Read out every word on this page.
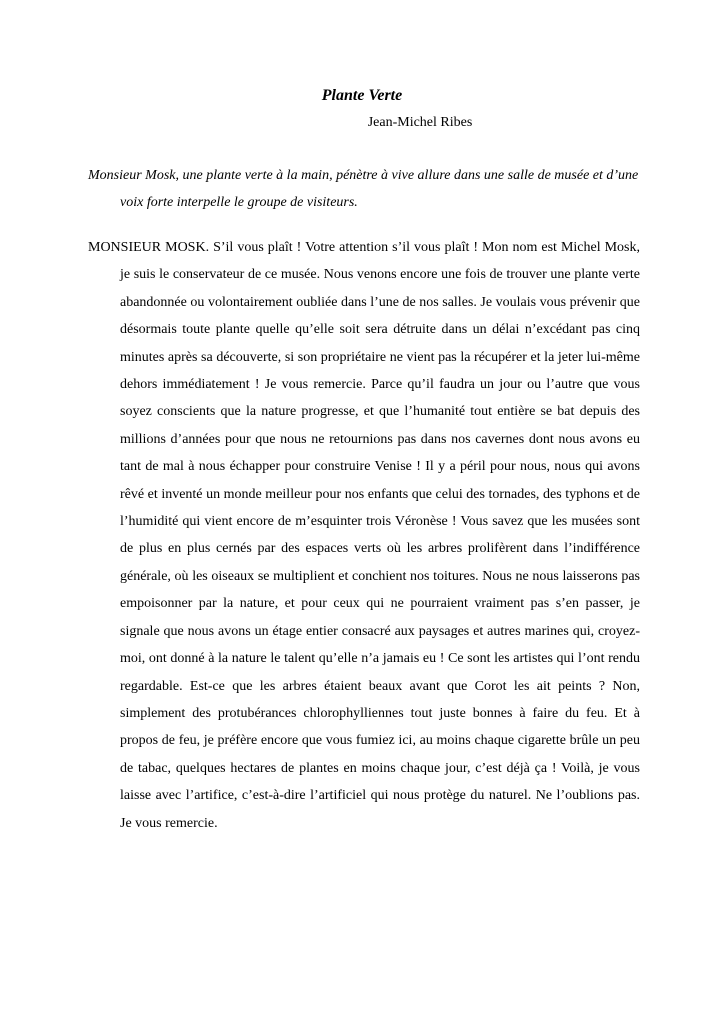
Plante Verte
Jean-Michel Ribes
Monsieur Mosk, une plante verte à la main, pénètre à vive allure dans une salle de musée et d’une voix forte interpelle le groupe de visiteurs.

MONSIEUR MOSK. S’il vous plaît ! Votre attention s’il vous plaît ! Mon nom est Michel Mosk, je suis le conservateur de ce musée. Nous venons encore une fois de trouver une plante verte abandonnée ou volontairement oubliée dans l’une de nos salles. Je voulais vous prévenir que désormais toute plante quelle qu’elle soit sera détruite dans un délai n’excédant pas cinq minutes après sa découverte, si son propriétaire ne vient pas la récupérer et la jeter lui-même dehors immédiatement ! Je vous remercie. Parce qu’il faudra un jour ou l’autre que vous soyez conscients que la nature progresse, et que l’humanité tout entière se bat depuis des millions d’années pour que nous ne retournions pas dans nos cavernes dont nous avons eu tant de mal à nous échapper pour construire Venise ! Il y a péril pour nous, nous qui avons rêvé et inventé un monde meilleur pour nos enfants que celui des tornades, des typhons et de l’humidité qui vient encore de m’esquinter trois Véronèse ! Vous savez que les musées sont de plus en plus cernés par des espaces verts où les arbres prolifèrent dans l’indifférence générale, où les oiseaux se multiplient et conchient nos toitures. Nous ne nous laisserons pas empoisonner par la nature, et pour ceux qui ne pourraient vraiment pas s’en passer, je signale que nous avons un étage entier consacré aux paysages et autres marines qui, croyez-moi, ont donné à la nature le talent qu’elle n’a jamais eu ! Ce sont les artistes qui l’ont rendu regardable. Est-ce que les arbres étaient beaux avant que Corot les ait peints ? Non, simplement des protubérances chlorophylliennes tout juste bonnes à faire du feu. Et à propos de feu, je préfère encore que vous fumiez ici, au moins chaque cigarette brûle un peu de tabac, quelques hectares de plantes en moins chaque jour, c’est déjà ça ! Voilà, je vous laisse avec l’artifice, c’est-à-dire l’artificiel qui nous protège du naturel. Ne l’oublions pas. Je vous remercie.
